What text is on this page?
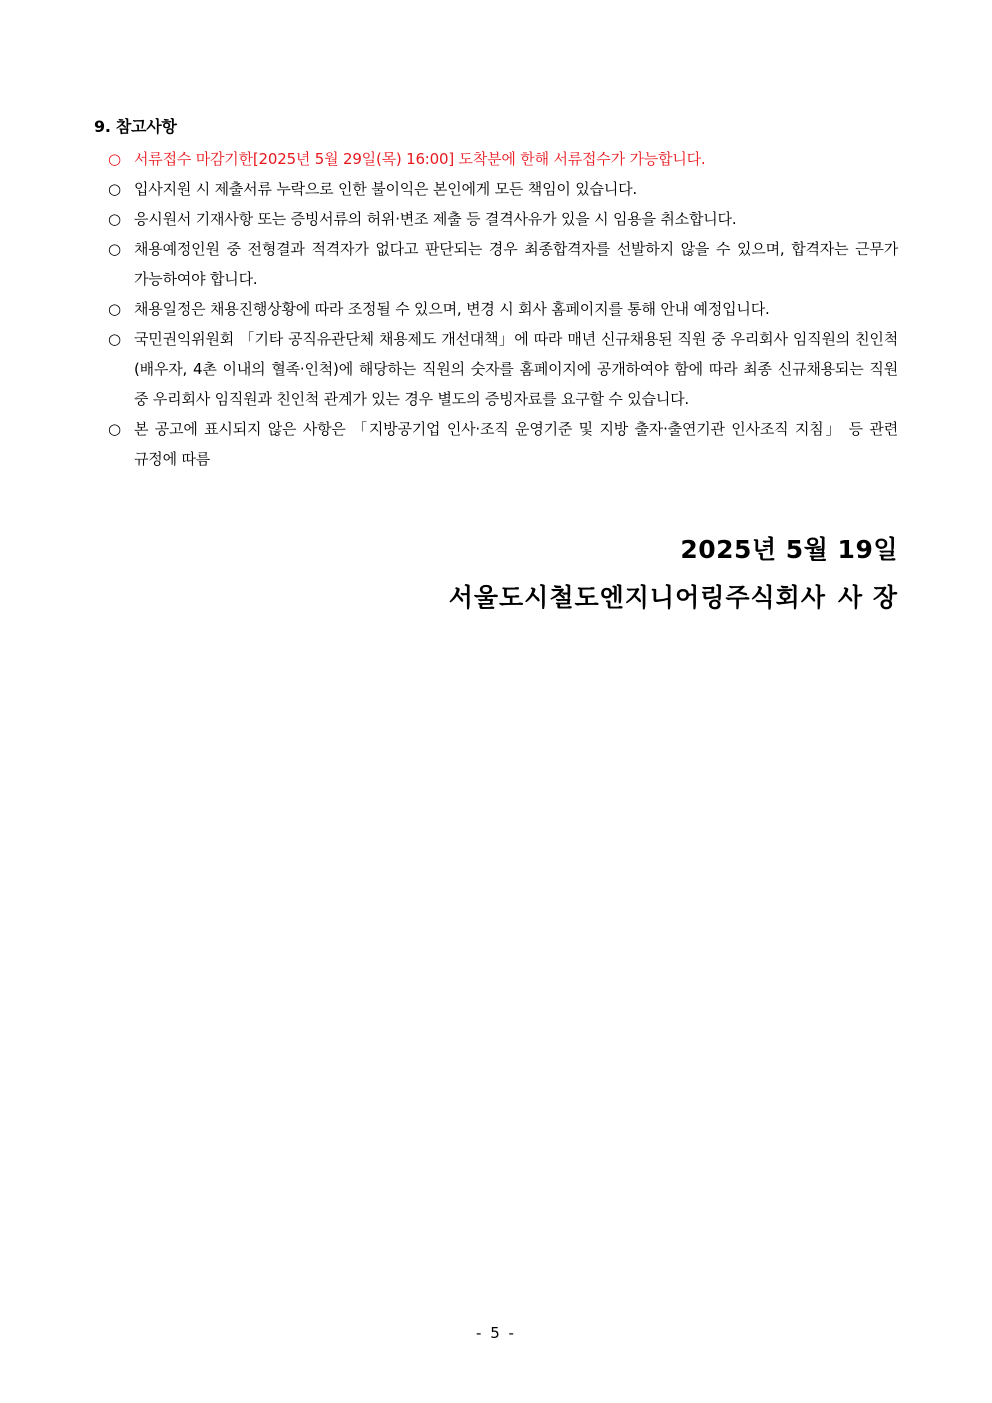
9. 참고사항
○ 서류접수 마감기한[2025년 5월 29일(목) 16:00] 도착분에 한해 서류접수가 가능합니다.
○ 입사지원 시 제출서류 누락으로 인한 불이익은 본인에게 모든 책임이 있습니다.
○ 응시원서 기재사항 또는 증빙서류의 허위·변조 제출 등 결격사유가 있을 시 임용을 취소합니다.
○ 채용예정인원 중 전형결과 적격자가 없다고 판단되는 경우 최종합격자를 선발하지 않을 수 있으며, 합격자는 근무가 가능하여야 합니다.
○ 채용일정은 채용진행상황에 따라 조정될 수 있으며, 변경 시 회사 홈페이지를 통해 안내 예정입니다.
○ 국민권익위원회 「기타 공직유관단체 채용제도 개선대책」에 따라 매년 신규채용된 직원 중 우리회사 임직원의 친인척(배우자, 4촌 이내의 혈족·인척)에 해당하는 직원의 숫자를 홈페이지에 공개하여야 함에 따라 최종 신규채용되는 직원 중 우리회사 임직원과 친인척 관계가 있는 경우 별도의 증빙자료를 요구할 수 있습니다.
○ 본 공고에 표시되지 않은 사항은 「지방공기업 인사·조직 운영기준 및 지방 출자·출연기관 인사조직 지침」 등 관련 규정에 따름
2025년 5월 19일
서울도시철도엔지니어링주식회사 사 장
- 5 -
